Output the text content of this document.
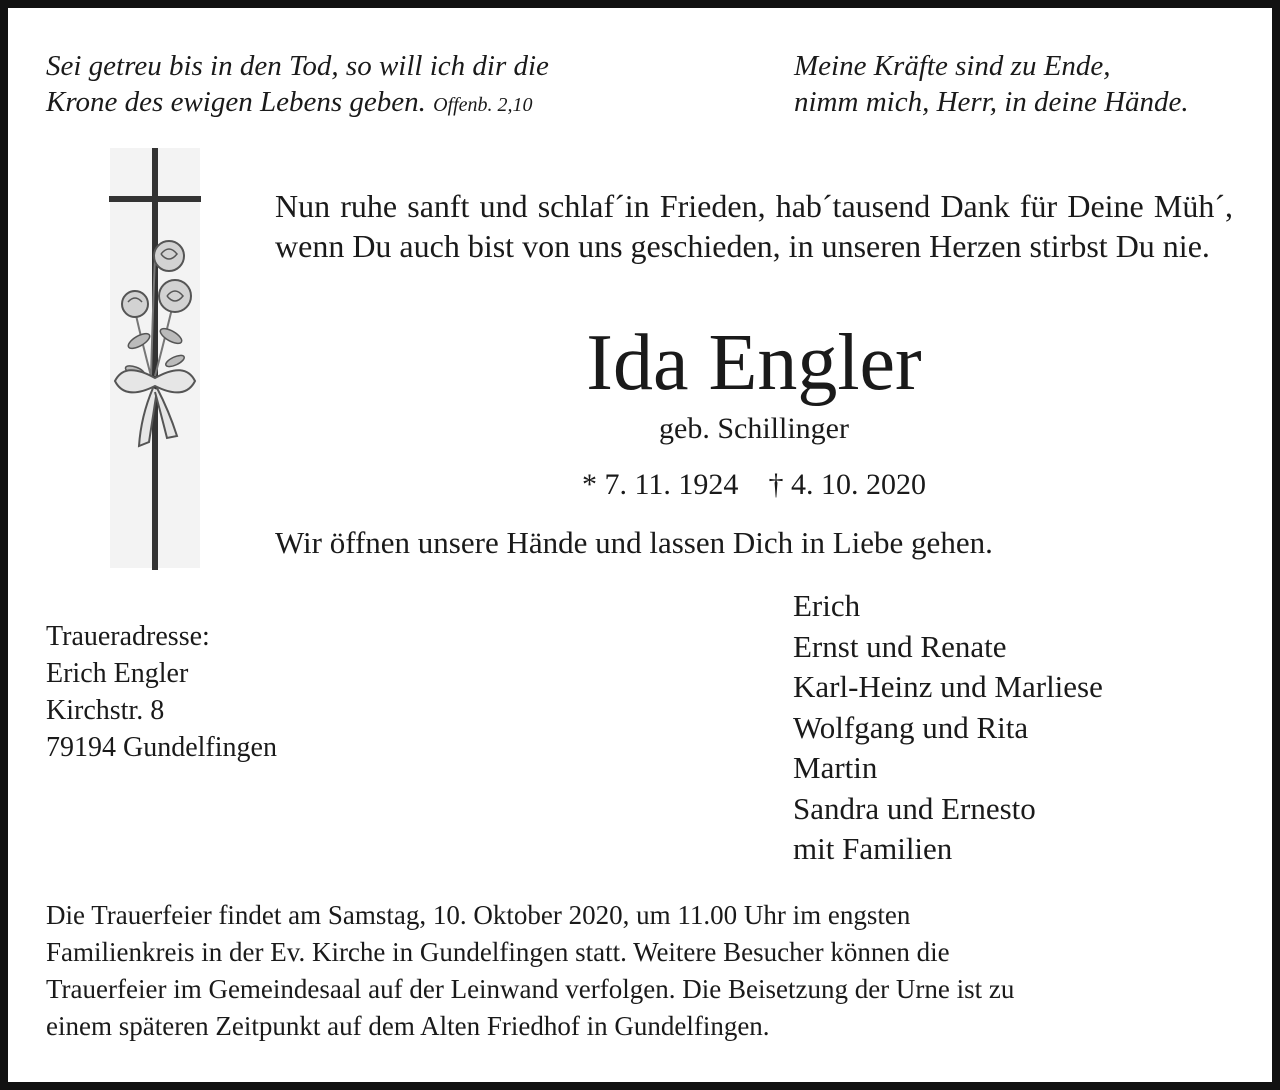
Sei getreu bis in den Tod, so will ich dir die
Krone des ewigen Lebens geben. Offenb. 2,10
Meine Kräfte sind zu Ende,
nimm mich, Herr, in deine Hände.
Nun ruhe sanft und schlaf´in Frieden, hab´tausend Dank für Deine Müh´, wenn Du auch bist von uns geschieden, in unseren Herzen stirbst Du nie.
Ida Engler
geb. Schillinger
* 7. 11. 1924 † 4. 10. 2020
Wir öffnen unsere Hände und lassen Dich in Liebe gehen.
Traueradresse:
Erich Engler
Kirchstr. 8
79194 Gundelfingen
Erich
Ernst und Renate
Karl-Heinz und Marliese
Wolfgang und Rita
Martin
Sandra und Ernesto
mit Familien
Die Trauerfeier findet am Samstag, 10. Oktober 2020, um 11.00 Uhr im engsten
Familienkreis in der Ev. Kirche in Gundelfingen statt. Weitere Besucher können die
Trauerfeier im Gemeindesaal auf der Leinwand verfolgen. Die Beisetzung der Urne ist zu
einem späteren Zeitpunkt auf dem Alten Friedhof in Gundelfingen.
